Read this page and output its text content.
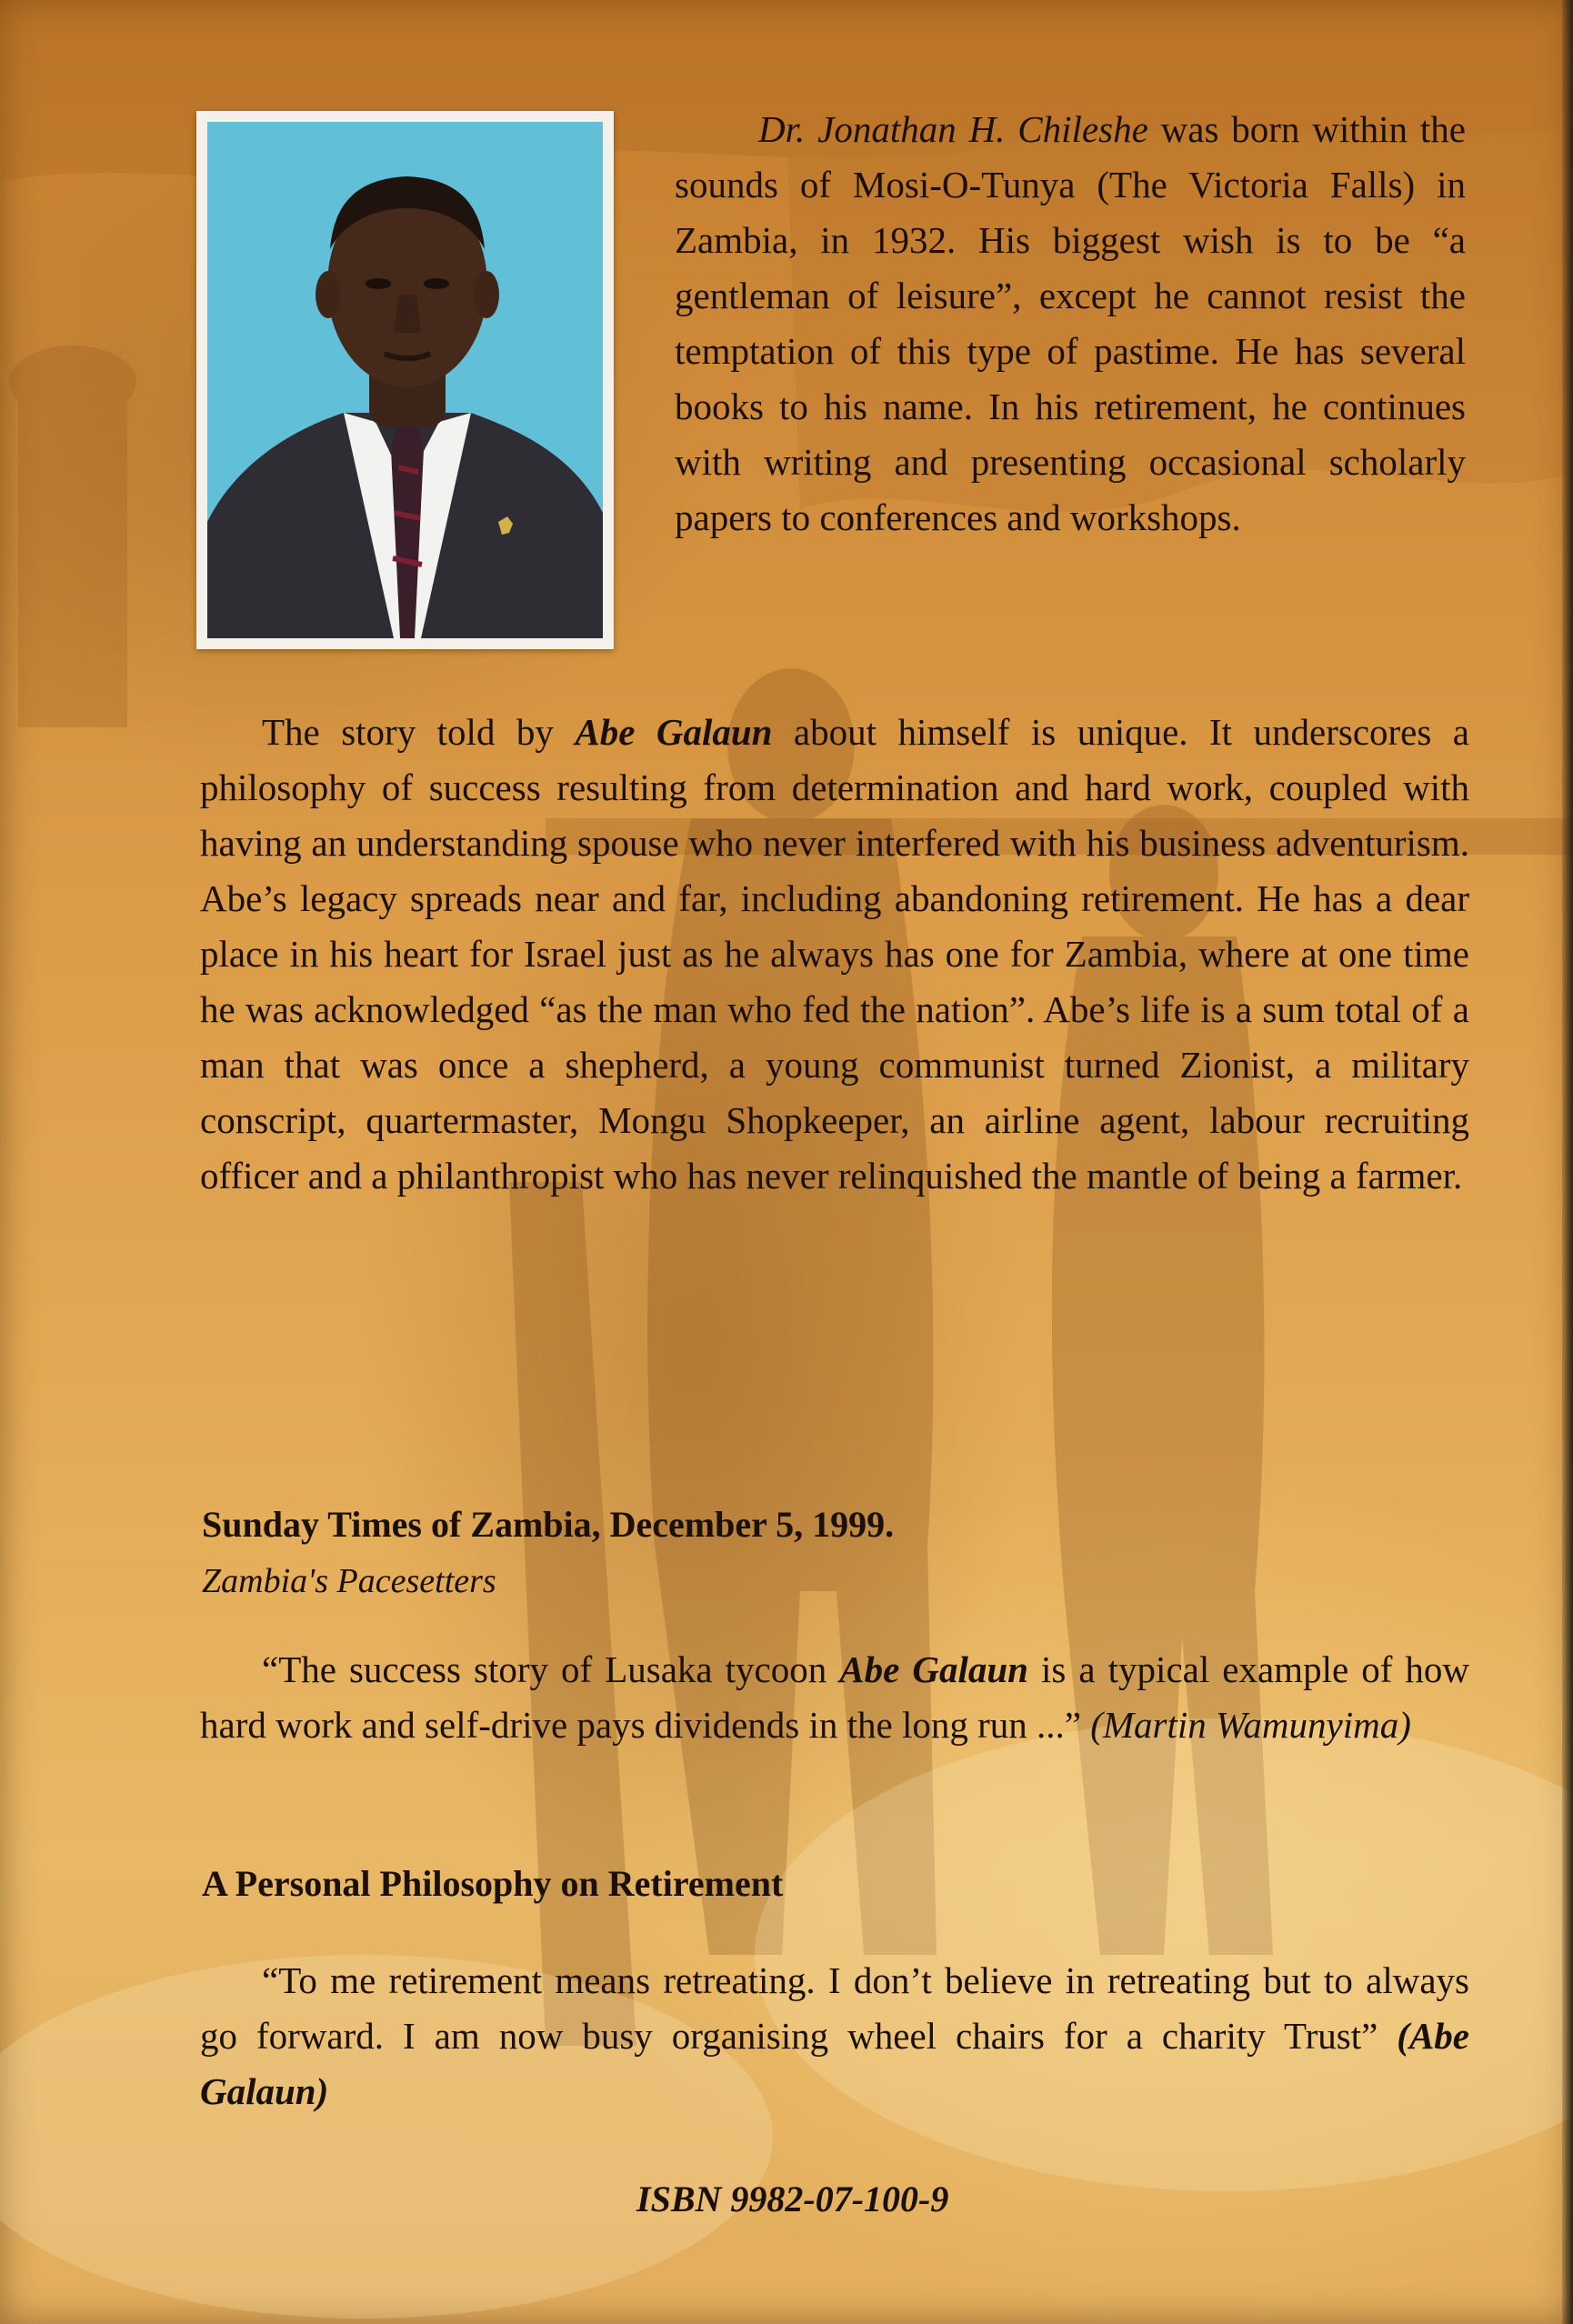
Dr. Jonathan H. Chileshe was born within the sounds of Mosi-O-Tunya (The Victoria Falls) in Zambia, in 1932. His biggest wish is to be “a gentleman of leisure”, except he cannot resist the temptation of this type of pastime. He has several books to his name. In his retirement, he continues with writing and presenting occasional scholarly papers to conferences and workshops.

The story told by Abe Galaun about himself is unique. It underscores a philosophy of success resulting from determination and hard work, coupled with having an understanding spouse who never interfered with his business adventurism. Abe’s legacy spreads near and far, including abandoning retirement. He has a dear place in his heart for Israel just as he always has one for Zambia, where at one time he was acknowledged “as the man who fed the nation”. Abe’s life is a sum total of a man that was once a shepherd, a young communist turned Zionist, a military conscript, quartermaster, Mongu Shopkeeper, an airline agent, labour recruiting officer and a philanthropist who has never relinquished the mantle of being a farmer.

Sunday Times of Zambia, December 5, 1999.
Zambia's Pacesetters

“The success story of Lusaka tycoon Abe Galaun is a typical example of how hard work and self-drive pays dividends in the long run ...” (Martin Wamunyima)

A Personal Philosophy on Retirement

“To me retirement means retreating. I don’t believe in retreating but to always go forward. I am now busy organising wheel chairs for a charity Trust” (Abe Galaun)

ISBN 9982-07-100-9
